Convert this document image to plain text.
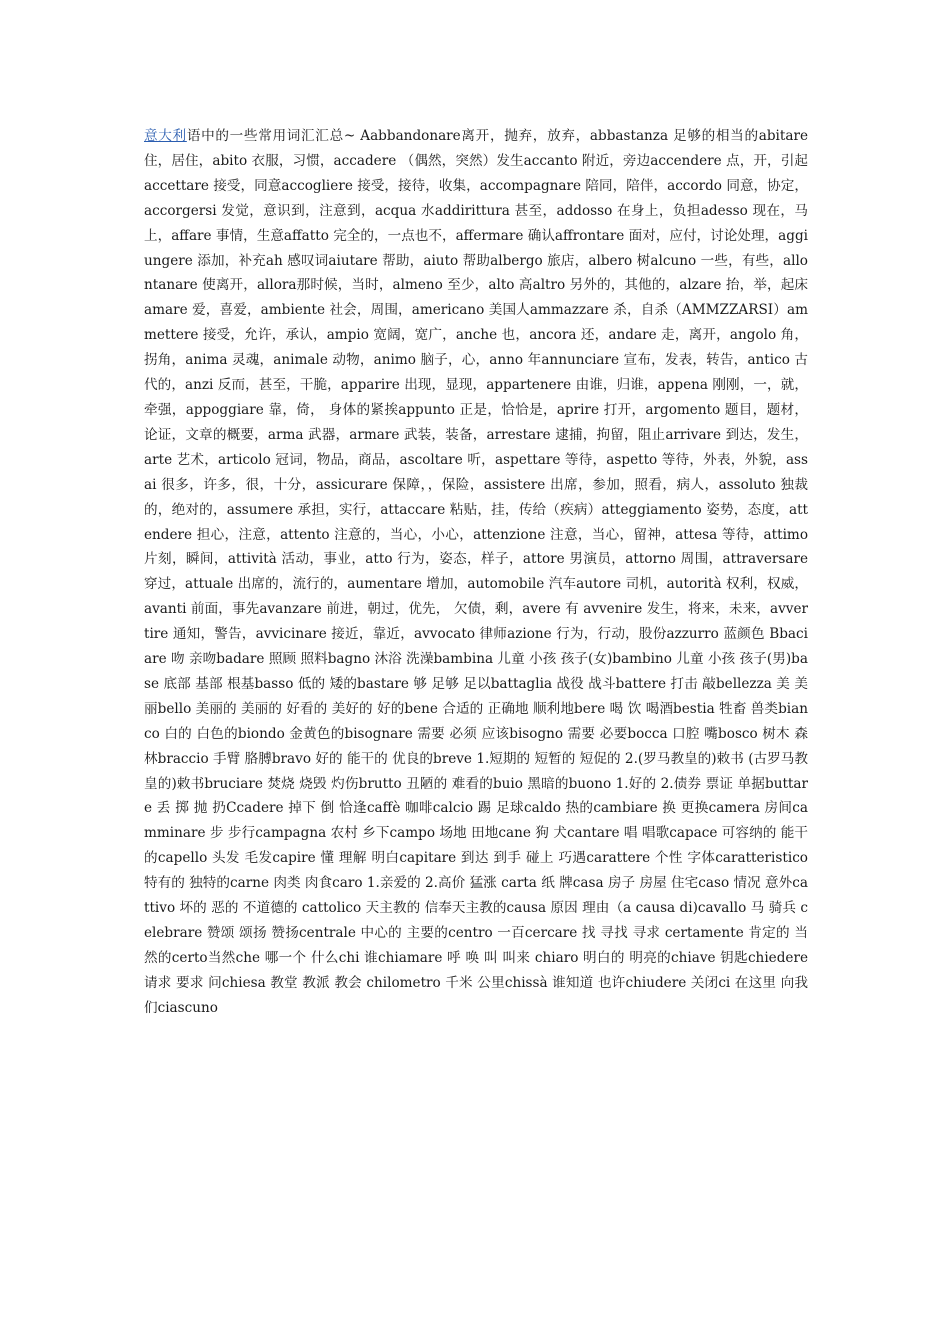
意大利语中的一些常用词汇汇总~ Aabbandonare离开，抛弃，放弃，abbastanza 足够的相当的abitare 住，居住，abito 衣服，习惯，accadere （偶然，突然）发生accanto 附近，旁边accendere 点，开，引起accettare 接受，同意accogliere 接受，接待，收集，accompagnare 陪同，陪伴，accordo 同意，协定，accorgersi 发觉，意识到，注意到，acqua 水addirittura 甚至，addosso 在身上，负担adesso 现在，马上，affare 事情，生意affatto 完全的，一点也不，affermare 确认affrontare 面对，应付，讨论处理，aggiungere 添加，补充ah 感叹词aiutare 帮助，aiuto 帮助albergo 旅店，albero 树alcuno 一些，有些，allontanare 使离开，allora那时候，当时，almeno 至少，alto 高altro 另外的，其他的，alzare 抬，举，起床amare 爱，喜爱，ambiente 社会，周围，americano 美国人ammazzare 杀，自杀（AMMZZARSI）ammettere 接受，允许，承认，ampio 宽阔，宽广，anche 也，ancora 还，andare 走，离开，angolo 角，拐角，anima 灵魂，animale 动物，animo 脑子，心，anno 年annunciare 宣布，发表，转告，antico 古代的，anzi 反而，甚至，干脆，apparire 出现，显现，appartenere 由谁，归谁，appena 刚刚，一，就， 牵强，appoggiare 靠，倚， 身体的紧挨appunto 正是，恰恰是，aprire 打开，argomento 题目，题材，论证，文章的概要，arma 武器，armare 武装，装备，arrestare 逮捕，拘留，阻止arrivare 到达，发生，arte 艺术，articolo 冠词，物品，商品，ascoltare 听，aspettare 等待，aspetto 等待，外表，外貌，assai 很多，许多，很，十分，assicurare 保障，，保险，assistere 出席，参加，照看，病人，assoluto 独裁的，绝对的，assumere 承担，实行，attaccare 粘贴，挂，传给（疾病）atteggiamento 姿势，态度，attendere 担心，注意，attento 注意的，当心，小心，attenzione 注意，当心，留神，attesa 等待，attimo 片刻，瞬间，attività 活动，事业，atto 行为，姿态，样子，attore 男演员，attorno 周围，attraversare 穿过，attuale 出席的，流行的，aumentare 增加，automobile 汽车autore 司机，autorità 权利，权威，avanti 前面，事先avanzare 前进，朝过，优先， 欠债，剩，avere 有 avvenire 发生，将来，未来，avvertire 通知，警告，avvicinare 接近，靠近，avvocato 律师azione 行为，行动，股份azzurro 蓝颜色 Bbaciare 吻 亲吻badare 照顾 照料bagno 沐浴 洗澡bambina 儿童 小孩 孩子(女)bambino 儿童 小孩 孩子(男)base 底部 基部 根基basso 低的 矮的bastare 够 足够 足以battaglia 战役 战斗battere 打击 敲bellezza 美 美 丽bello 美丽的 美丽的 好看的 美好的 好的bene 合适的 正确地 顺利地bere 喝 饮 喝酒bestia 牲畜 兽类bianco 白的 白色的biondo 金黄色的bisognare 需要 必须 应该bisogno 需要 必要bocca 口腔 嘴bosco 树木 森林braccio 手臂 胳膊bravo 好的 能干的 优良的breve 1.短期的 短暂的 短促的 2.(罗马教皇的)敕书 (古罗马教皇的)敕书bruciare 焚烧 烧毁 灼伤brutto 丑陋的 难看的buio 黑暗的buono 1.好的 2.债券 票证 单据buttare 丢 掷 抛 扔Ccadere 掉下 倒 恰逢caffè 咖啡calcio 踢 足球caldo 热的cambiare 换 更换camera 房间camminare 步 步行campagna 农村 乡下campo 场地 田地cane 狗 犬cantare 唱 唱歌capace 可容纳的 能干的capello 头发 毛发capire 懂 理解 明白capitare 到达 到手 碰上 巧遇carattere 个性 字体caratteristico 特有的 独特的carne 肉类 肉食caro 1.亲爱的 2.高价 猛涨 carta 纸 牌casa 房子 房屋 住宅caso 情况 意外cattivo 坏的 恶的 不道德的 cattolico 天主教的 信奉天主教的causa 原因 理由（a causa di)cavallo 马 骑兵 celebrare 赞颂 颂扬 赞扬centrale 中心的 主要的centro 一百cercare 找 寻找 寻求 certamente 肯定的 当然的certo当然che 哪一个 什么chi 谁chiamare 呼 唤 叫 叫来 chiaro 明白的 明亮的chiave 钥匙chiedere 请求 要求 问chiesa 教堂 教派 教会 chilometro 千米 公里chissà 谁知道 也许chiudere 关闭ci 在这里 向我们ciascuno
